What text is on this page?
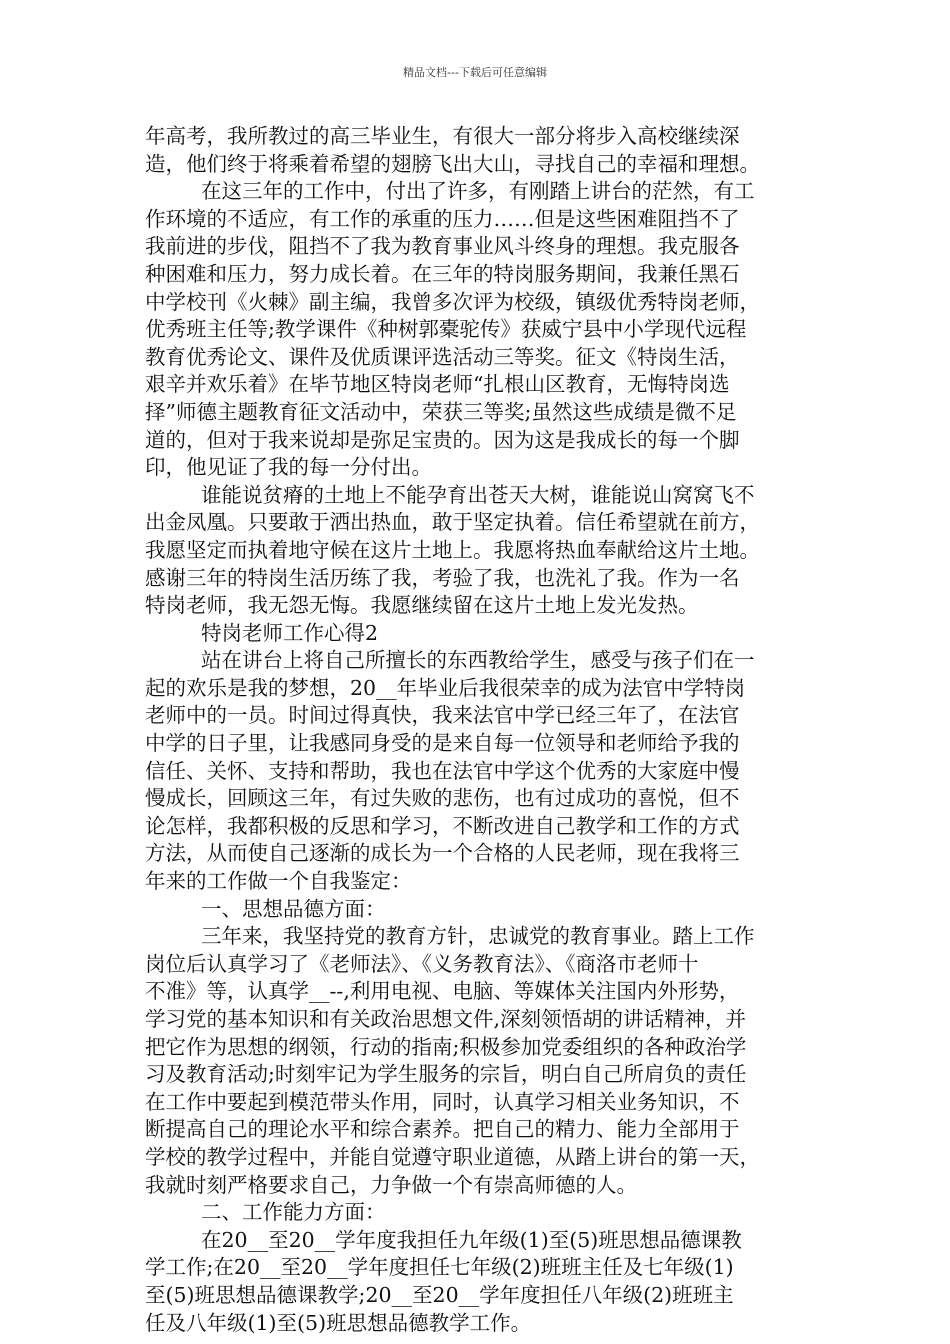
精品文档---下载后可任意编辑
年高考，我所教过的高三毕业生，有很大一部分将步入高校继续深
造，他们终于将乘着希望的翅膀飞出大山，寻找自己的幸福和理想。
在这三年的工作中，付出了许多，有刚踏上讲台的茫然，有工
作环境的不适应，有工作的承重的压力……但是这些困难阻挡不了
我前进的步伐，阻挡不了我为教育事业风斗终身的理想。我克服各
种困难和压力，努力成长着。在三年的特岗服务期间，我兼任黑石
中学校刊《火棘》副主编，我曾多次评为校级，镇级优秀特岗老师，
优秀班主任等;教学课件《种树郭橐驼传》获威宁县中小学现代远程
教育优秀论文、课件及优质课评选活动三等奖。征文《特岗生活，
艰辛并欢乐着》在毕节地区特岗老师“扎根山区教育，无悔特岗选
择”师德主题教育征文活动中，荣获三等奖;虽然这些成绩是微不足
道的，但对于我来说却是弥足宝贵的。因为这是我成长的每一个脚
印，他见证了我的每一分付出。
谁能说贫瘠的土地上不能孕育出苍天大树，谁能说山窝窝飞不
出金凤凰。只要敢于洒出热血，敢于坚定执着。信任希望就在前方，
我愿坚定而执着地守候在这片土地上。我愿将热血奉献给这片土地。
感谢三年的特岗生活历练了我，考验了我，也洗礼了我。作为一名
特岗老师，我无怨无悔。我愿继续留在这片土地上发光发热。
特岗老师工作心得2
站在讲台上将自己所擅长的东西教给学生，感受与孩子们在一
起的欢乐是我的梦想，20__年毕业后我很荣幸的成为法官中学特岗
老师中的一员。时间过得真快，我来法官中学已经三年了，在法官
中学的日子里，让我感同身受的是来自每一位领导和老师给予我的
信任、关怀、支持和帮助，我也在法官中学这个优秀的大家庭中慢
慢成长，回顾这三年，有过失败的悲伤，也有过成功的喜悦，但不
论怎样，我都积极的反思和学习，不断改进自己教学和工作的方式
方法，从而使自己逐渐的成长为一个合格的人民老师，现在我将三
年来的工作做一个自我鉴定：
一、思想品德方面：
三年来，我坚持党的教育方针，忠诚党的教育事业。踏上工作
岗位后认真学习了《老师法》、《义务教育法》、《商洛市老师十
不准》等，认真学__--,利用电视、电脑、等媒体关注国内外形势，
学习党的基本知识和有关政治思想文件,深刻领悟胡的讲话精神，并
把它作为思想的纲领，行动的指南;积极参加党委组织的各种政治学
习及教育活动;时刻牢记为学生服务的宗旨，明白自己所肩负的责任
在工作中要起到模范带头作用，同时，认真学习相关业务知识，不
断提高自己的理论水平和综合素养。把自己的精力、能力全部用于
学校的教学过程中，并能自觉遵守职业道德，从踏上讲台的第一天，
我就时刻严格要求自己，力争做一个有崇高师德的人。
二、工作能力方面：
在20__至20__学年度我担任九年级(1)至(5)班思想品德课教
学工作;在20__至20__学年度担任七年级(2)班班主任及七年级(1)
至(5)班思想品德课教学;20__至20__学年度担任八年级(2)班班主
任及八年级(1)至(5)班思想品德教学工作。
